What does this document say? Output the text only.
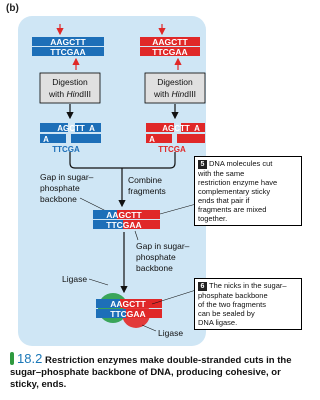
(b)
AAGCTT
TTCGAA
AAGCTT
TTCGAA
Digestion
with HindIII
Digestion
with HindIII
AGCTT
A
A
TTCGA
AGCTT
A
A
TTCGA
Gap in sugar–
phosphate
backbone
Combine
fragments
AAGCTT
TTCGAA
Gap in sugar–
phosphate
backbone
Ligase
AAGCTT
TTCGAA
Ligase
5 DNA molecules cut
with the same
restriction enzyme have
complementary sticky
ends that pair if
fragments are mixed
together.
6 The nicks in the sugar–
phosphate backbone
of the two fragments
can be sealed by
DNA ligase.
18.2 Restriction enzymes make double-stranded cuts in the sugar–phosphate backbone of DNA, producing cohesive, or sticky, ends.
